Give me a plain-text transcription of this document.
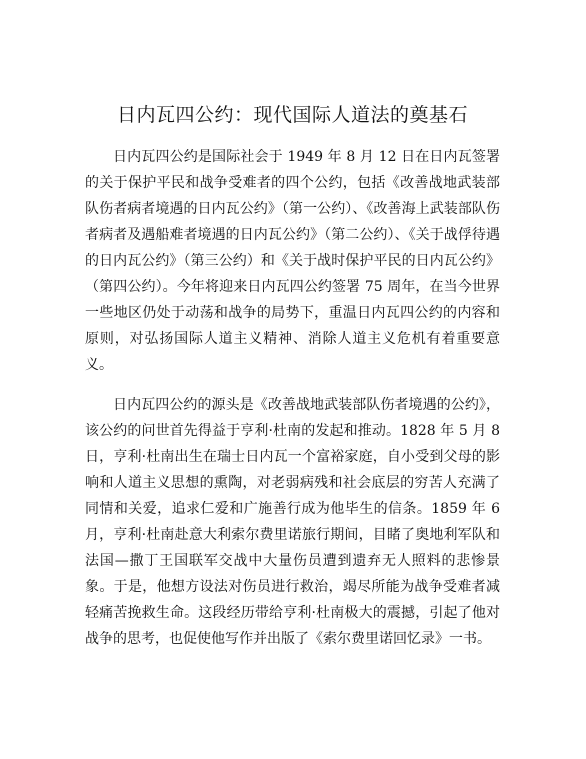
日内瓦四公约：现代国际人道法的奠基石

日内瓦四公约是国际社会于 1949 年 8 月 12 日在日内瓦签署的关于保护平民和战争受难者的四个公约，包括《改善战地武装部队伤者病者境遇的日内瓦公约》（第一公约）、《改善海上武装部队伤者病者及遇船难者境遇的日内瓦公约》（第二公约）、《关于战俘待遇的日内瓦公约》（第三公约）和《关于战时保护平民的日内瓦公约》（第四公约）。今年将迎来日内瓦四公约签署 75 周年，在当今世界一些地区仍处于动荡和战争的局势下，重温日内瓦四公约的内容和原则，对弘扬国际人道主义精神、消除人道主义危机有着重要意义。

日内瓦四公约的源头是《改善战地武装部队伤者境遇的公约》，该公约的问世首先得益于亨利·杜南的发起和推动。1828 年 5 月 8 日，亨利·杜南出生在瑞士日内瓦一个富裕家庭，自小受到父母的影响和人道主义思想的熏陶，对老弱病残和社会底层的穷苦人充满了同情和关爱，追求仁爱和广施善行成为他毕生的信条。1859 年 6 月，亨利·杜南赴意大利索尔费里诺旅行期间，目睹了奥地利军队和法国—撒丁王国联军交战中大量伤员遭到遗弃无人照料的悲惨景象。于是，他想方设法对伤员进行救治，竭尽所能为战争受难者减轻痛苦挽救生命。这段经历带给亨利·杜南极大的震撼，引起了他对战争的思考，也促使他写作并出版了《索尔费里诺回忆录》一书。
